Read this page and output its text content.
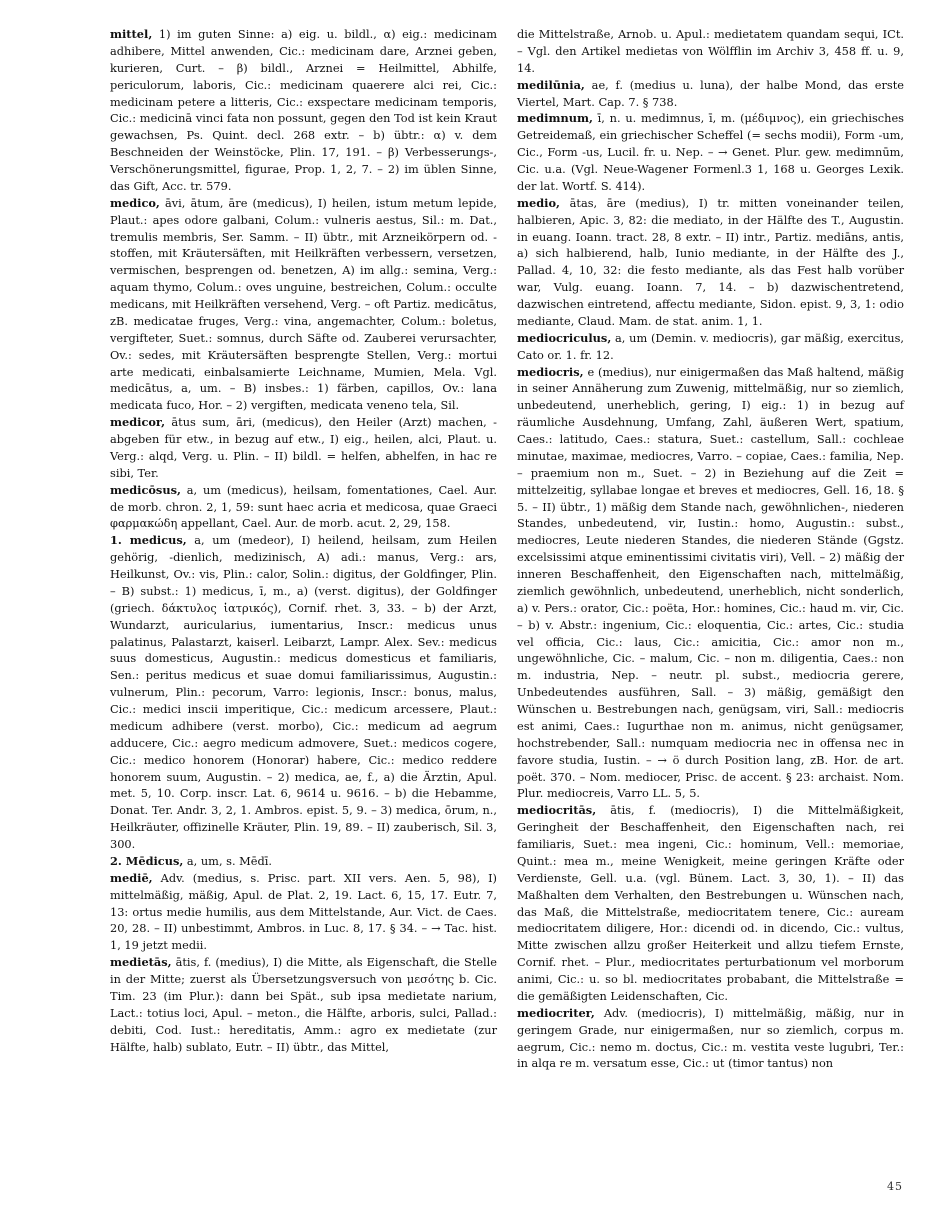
mittel, 1) im guten Sinne: a) eig. u. bildl., α) eig.: medicinam adhibere, Mittel anwenden, Cic.: medicinam dare, Arznei geben, kurieren, Curt. – β) bildl., Arznei = Heilmittel, Abhilfe, periculorum, laboris, Cic.: medicinam quaerere alci rei, Cic.: medicinam petere a litteris, Cic.: exspectare medicinam temporis, Cic.: medicinā vinci fata non possunt, gegen den Tod ist kein Kraut gewachsen, Ps. Quint. decl. 268 extr. – b) übtr.: α) v. dem Beschneiden der Weinstöcke, Plin. 17, 191. – β) Verbesserungs-, Verschönerungsmittel, figurae, Prop. 1, 2, 7. – 2) im üblen Sinne, das Gift, Acc. tr. 579.

medico, āvi, ātum, āre (medicus), I) heilen, istum metum lepide, Plaut.: apes odore galbani, Colum.: vulneris aestus, Sil.: m. Dat., tremulis membris, Ser. Samm. – II) übtr., mit Arzneikörpern od. -stoffen, mit Kräutersäften, mit Heilkräften verbessern, versetzen, vermischen, besprengen od. benetzen, A) im allg.: semina, Verg.: aquam thymo, Colum.: oves unguine, bestreichen, Colum.: occulte medicans, mit Heilkräften versehend, Verg. – oft Partiz. medicātus, zB. medicatae fruges, Verg.: vina, angemachter, Colum.: boletus, vergifteter, Suet.: somnus, durch Säfte od. Zauberei verursachter, Ov.: sedes, mit Kräutersäften besprengte Stellen, Verg.: mortui arte medicati, einbalsamierte Leichname, Mumien, Mela. Vgl. medicātus, a, um. – B) insbes.: 1) färben, capillos, Ov.: lana medicata fuco, Hor. – 2) vergiften, medicata veneno tela, Sil.

medicor, ātus sum, āri, (medicus), den Heiler (Arzt) machen, -abgeben für etw., in bezug auf etw., I) eig., heilen, alci, Plaut. u. Verg.: alqd, Verg. u. Plin. – II) bildl. = helfen, abhelfen, in hac re sibi, Ter.

medicōsus, a, um (medicus), heilsam, fomentationes, Cael. Aur. de morb. chron. 2, 1, 59: sunt haec acria et medicosa, quae Graeci φαρμακώδη appellant, Cael. Aur. de morb. acut. 2, 29, 158.

1. medicus, a, um (medeor), I) heilend, heilsam, zum Heilen gehörig, -dienlich, medizinisch, A) adi.: manus, Verg.: ars, Heilkunst, Ov.: vis, Plin.: calor, Solin.: digitus, der Goldfinger, Plin. – B) subst.: 1) medicus, ī, m., a) (verst. digitus), der Goldfinger (griech. δάκτυλος ἰατρικός), Cornif. rhet. 3, 33. – b) der Arzt, Wundarzt, auricularius, iumentarius, Inscr.: medicus unus palatinus, Palastarzt, kaiserl. Leibarzt, Lampr. Alex. Sev.: medicus suus domesticus, Augustin.: medicus domesticus et familiaris, Sen.: peritus medicus et suae domui familiarissimus, Augustin.: vulnerum, Plin.: pecorum, Varro: legionis, Inscr.: bonus, malus, Cic.: medici inscii imperitique, Cic.: medicum arcessere, Plaut.: medicum adhibere (verst. morbo), Cic.: medicum ad aegrum adducere, Cic.: aegro medicum admovere, Suet.: medicos cogere, Cic.: medico honorem (Honorar) habere, Cic.: medico reddere honorem suum, Augustin. – 2) medica, ae, f., a) die Ärztin, Apul. met. 5, 10. Corp. inscr. Lat. 6, 9614 u. 9616. – b) die Hebamme, Donat. Ter. Andr. 3, 2, 1. Ambros. epist. 5, 9. – 3) medica, ōrum, n., Heilkräuter, offizinelle Kräuter, Plin. 19, 89. – II) zauberisch, Sil. 3, 300.

2. Mēdicus, a, um, s. Mēdī.

mediē, Adv. (medius, s. Prisc. part. XII vers. Aen. 5, 98), I) mittelmäßig, mäßig, Apul. de Plat. 2, 19. Lact. 6, 15, 17. Eutr. 7, 13: ortus medie humilis, aus dem Mittelstande, Aur. Vict. de Caes. 20, 28. – II) unbestimmt, Ambros. in Luc. 8, 17. § 34. – → Tac. hist. 1, 19 jetzt medii.

medietās, ātis, f. (medius), I) die Mitte, als Eigenschaft, die Stelle in der Mitte; zuerst als Übersetzungsversuch von μεσότης b. Cic. Tim. 23 (im Plur.): dann bei Spät., sub ipsa medietate narium, Lact.: totius loci, Apul. – meton., die Hälfte, arboris, sulci, Pallad.: debiti, Cod. Iust.: hereditatis, Amm.: agro ex medietate (zur Hälfte, halb) sublato, Eutr. – II) übtr., das Mittel,

die Mittelstraße, Arnob. u. Apul.: medietatem quandam sequi, ICt. – Vgl. den Artikel medietas von Wölfflin im Archiv 3, 458 ff. u. 9, 14.

medilūnia, ae, f. (medius u. luna), der halbe Mond, das erste Viertel, Mart. Cap. 7. § 738.

medimnum, ī, n. u. medimnus, ī, m. (μέδιμνος), ein griechisches Getreidemaß, ein griechischer Scheffel (= sechs modii), Form -um, Cic., Form -us, Lucil. fr. u. Nep. – → Genet. Plur. gew. medimnūm, Cic. u.a. (Vgl. Neue-Wagener Formenl.3 1, 168 u. Georges Lexik. der lat. Wortf. S. 414).

medio, ātas, āre (medius), I) tr. mitten voneinander teilen, halbieren, Apic. 3, 82: die mediato, in der Hälfte des T., Augustin. in euang. Ioann. tract. 28, 8 extr. – II) intr., Partiz. mediāns, antis, a) sich halbierend, halb, Iunio mediante, in der Hälfte des J., Pallad. 4, 10, 32: die festo mediante, als das Fest halb vorüber war, Vulg. euang. Ioann. 7, 14. – b) dazwischentretend, dazwischen eintretend, affectu mediante, Sidon. epist. 9, 3, 1: odio mediante, Claud. Mam. de stat. anim. 1, 1.

mediocriculus, a, um (Demin. v. mediocris), gar mäßig, exercitus, Cato or. 1. fr. 12.

mediocris, e (medius), nur einigermaßen das Maß haltend, mäßig in seiner Annäherung zum Zuwenig, mittelmäßig, nur so ziemlich, unbedeutend, unerheblich, gering, I) eig.: 1) in bezug auf räumliche Ausdehnung, Umfang, Zahl, äußeren Wert, spatium, Caes.: latitudo, Caes.: statura, Suet.: castellum, Sall.: cochleae minutae, maximae, mediocres, Varro. – copiae, Caes.: familia, Nep. – praemium non m., Suet. – 2) in Beziehung auf die Zeit = mittelzeitig, syllabae longae et breves et mediocres, Gell. 16, 18. § 5. – II) übtr., 1) mäßig dem Stande nach, gewöhnlichen-, niederen Standes, unbedeutend, vir, Iustin.: homo, Augustin.: subst., mediocres, Leute niederen Standes, die niederen Stände (Ggstz. excelsissimi atque eminentissimi civitatis viri), Vell. – 2) mäßig der inneren Beschaffenheit, den Eigenschaften nach, mittelmäßig, ziemlich gewöhnlich, unbedeutend, unerheblich, nicht sonderlich, a) v. Pers.: orator, Cic.: poëta, Hor.: homines, Cic.: haud m. vir, Cic. – b) v. Abstr.: ingenium, Cic.: eloquentia, Cic.: artes, Cic.: studia vel officia, Cic.: laus, Cic.: amicitia, Cic.: amor non m., ungewöhnliche, Cic. – malum, Cic. – non m. diligentia, Caes.: non m. industria, Nep. – neutr. pl. subst., mediocria gerere, Unbedeutendes ausführen, Sall. – 3) mäßig, gemäßigt den Wünschen u. Bestrebungen nach, genügsam, viri, Sall.: mediocris est animi, Caes.: Iugurthae non m. animus, nicht genügsamer, hochstrebender, Sall.: numquam mediocria nec in offensa nec in favore studia, Iustin. – → ö durch Position lang, zB. Hor. de art. poët. 370. – Nom. mediocer, Prisc. de accent. § 23: archaist. Nom. Plur. mediocreis, Varro LL. 5, 5.

mediocritās, ātis, f. (mediocris), I) die Mittelmäßigkeit, Geringheit der Beschaffenheit, den Eigenschaften nach, rei familiaris, Suet.: mea ingeni, Cic.: hominum, Vell.: memoriae, Quint.: mea m., meine Wenigkeit, meine geringen Kräfte oder Verdienste, Gell. u.a. (vgl. Bünem. Lact. 3, 30, 1). – II) das Maßhalten dem Verhalten, den Bestrebungen u. Wünschen nach, das Maß, die Mittelstraße, mediocritatem tenere, Cic.: auream mediocritatem diligere, Hor.: dicendi od. in dicendo, Cic.: vultus, Mitte zwischen allzu großer Heiterkeit und allzu tiefem Ernste, Cornif. rhet. – Plur., mediocritates perturbationum vel morborum animi, Cic.: u. so bl. mediocritates probabant, die Mittelstraße = die gemäßigten Leidenschaften, Cic.

mediocriter, Adv. (mediocris), I) mittelmäßig, mäßig, nur in geringem Grade, nur einigermaßen, nur so ziemlich, corpus m. aegrum, Cic.: nemo m. doctus, Cic.: m. vestita veste lugubri, Ter.: in alqa re m. versatum esse, Cic.: ut (timor tantus) non

45
